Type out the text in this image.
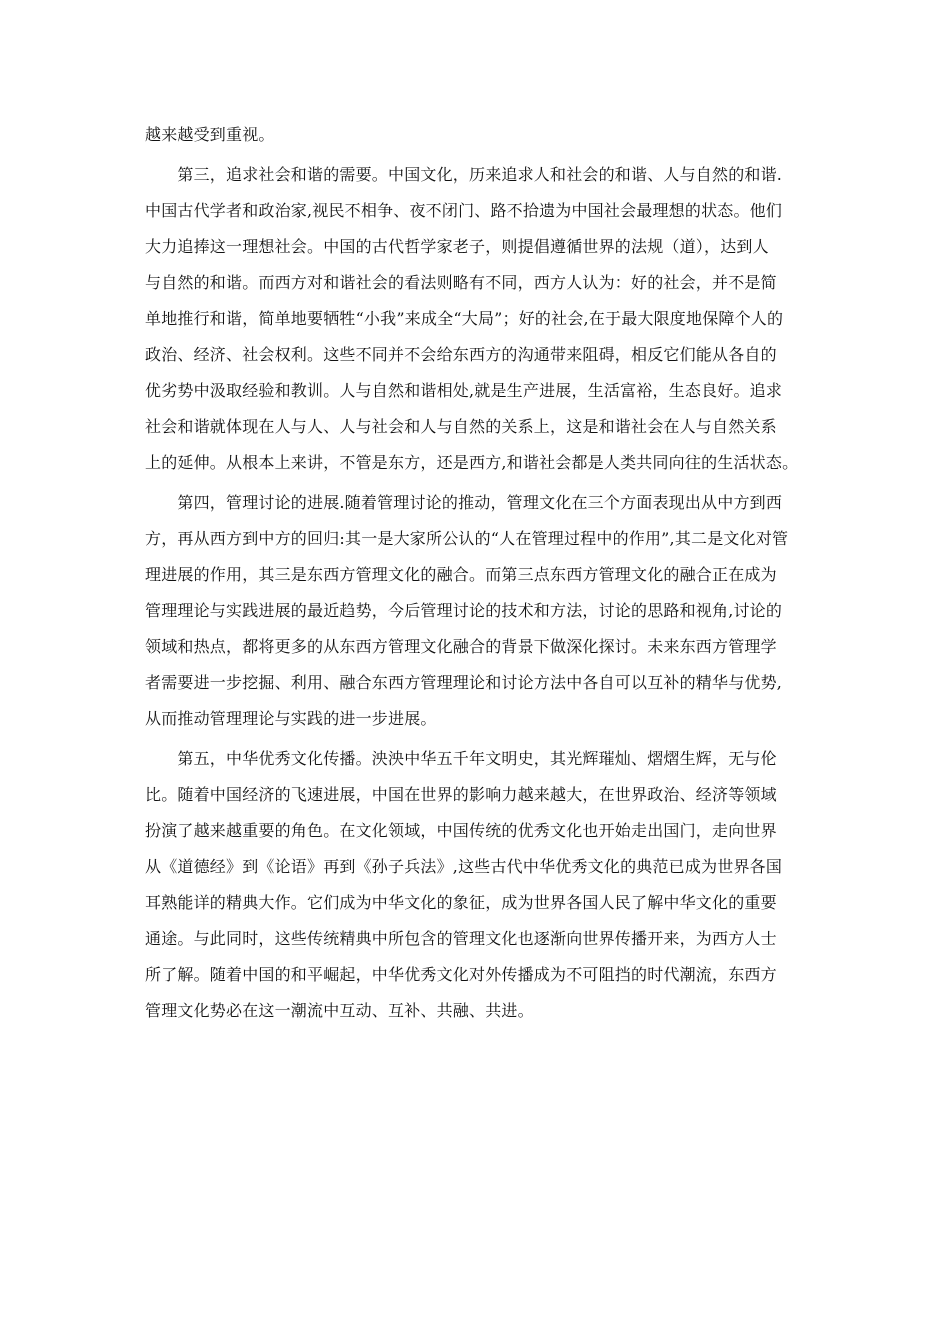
越来越受到重视。
　　第三，追求社会和谐的需要。中国文化，历来追求人和社会的和谐、人与自然的和谐.
中国古代学者和政治家,视民不相争、夜不闭门、路不拾遗为中国社会最理想的状态。他们
大力追捧这一理想社会。中国的古代哲学家老子，则提倡遵循世界的法规（道），达到人
与自然的和谐。而西方对和谐社会的看法则略有不同，西方人认为：好的社会，并不是简
单地推行和谐，简单地要牺牲“小我”来成全“大局”；好的社会,在于最大限度地保障个人的
政治、经济、社会权利。这些不同并不会给东西方的沟通带来阻碍，相反它们能从各自的
优劣势中汲取经验和教训。人与自然和谐相处,就是生产进展，生活富裕，生态良好。追求
社会和谐就体现在人与人、人与社会和人与自然的关系上，这是和谐社会在人与自然关系
上的延伸。从根本上来讲，不管是东方，还是西方,和谐社会都是人类共同向往的生活状态。
　　第四，管理讨论的进展.随着管理讨论的推动，管理文化在三个方面表现出从中方到西
方，再从西方到中方的回归:其一是大家所公认的“人在管理过程中的作用”,其二是文化对管
理进展的作用，其三是东西方管理文化的融合。而第三点东西方管理文化的融合正在成为
管理理论与实践进展的最近趋势，今后管理讨论的技术和方法，讨论的思路和视角,讨论的
领域和热点，都将更多的从东西方管理文化融合的背景下做深化探讨。未来东西方管理学
者需要进一步挖掘、利用、融合东西方管理理论和讨论方法中各自可以互补的精华与优势,
从而推动管理理论与实践的进一步进展。
　　第五，中华优秀文化传播。泱泱中华五千年文明史，其光辉璀灿、熠熠生辉，无与伦
比。随着中国经济的飞速进展，中国在世界的影响力越来越大，在世界政治、经济等领域
扮演了越来越重要的角色。在文化领域，中国传统的优秀文化也开始走出国门，走向世界
从《道德经》到《论语》再到《孙子兵法》,这些古代中华优秀文化的典范已成为世界各国
耳熟能详的精典大作。它们成为中华文化的象征，成为世界各国人民了解中华文化的重要
通途。与此同时，这些传统精典中所包含的管理文化也逐渐向世界传播开来，为西方人士
所了解。随着中国的和平崛起，中华优秀文化对外传播成为不可阻挡的时代潮流，东西方
管理文化势必在这一潮流中互动、互补、共融、共进。
